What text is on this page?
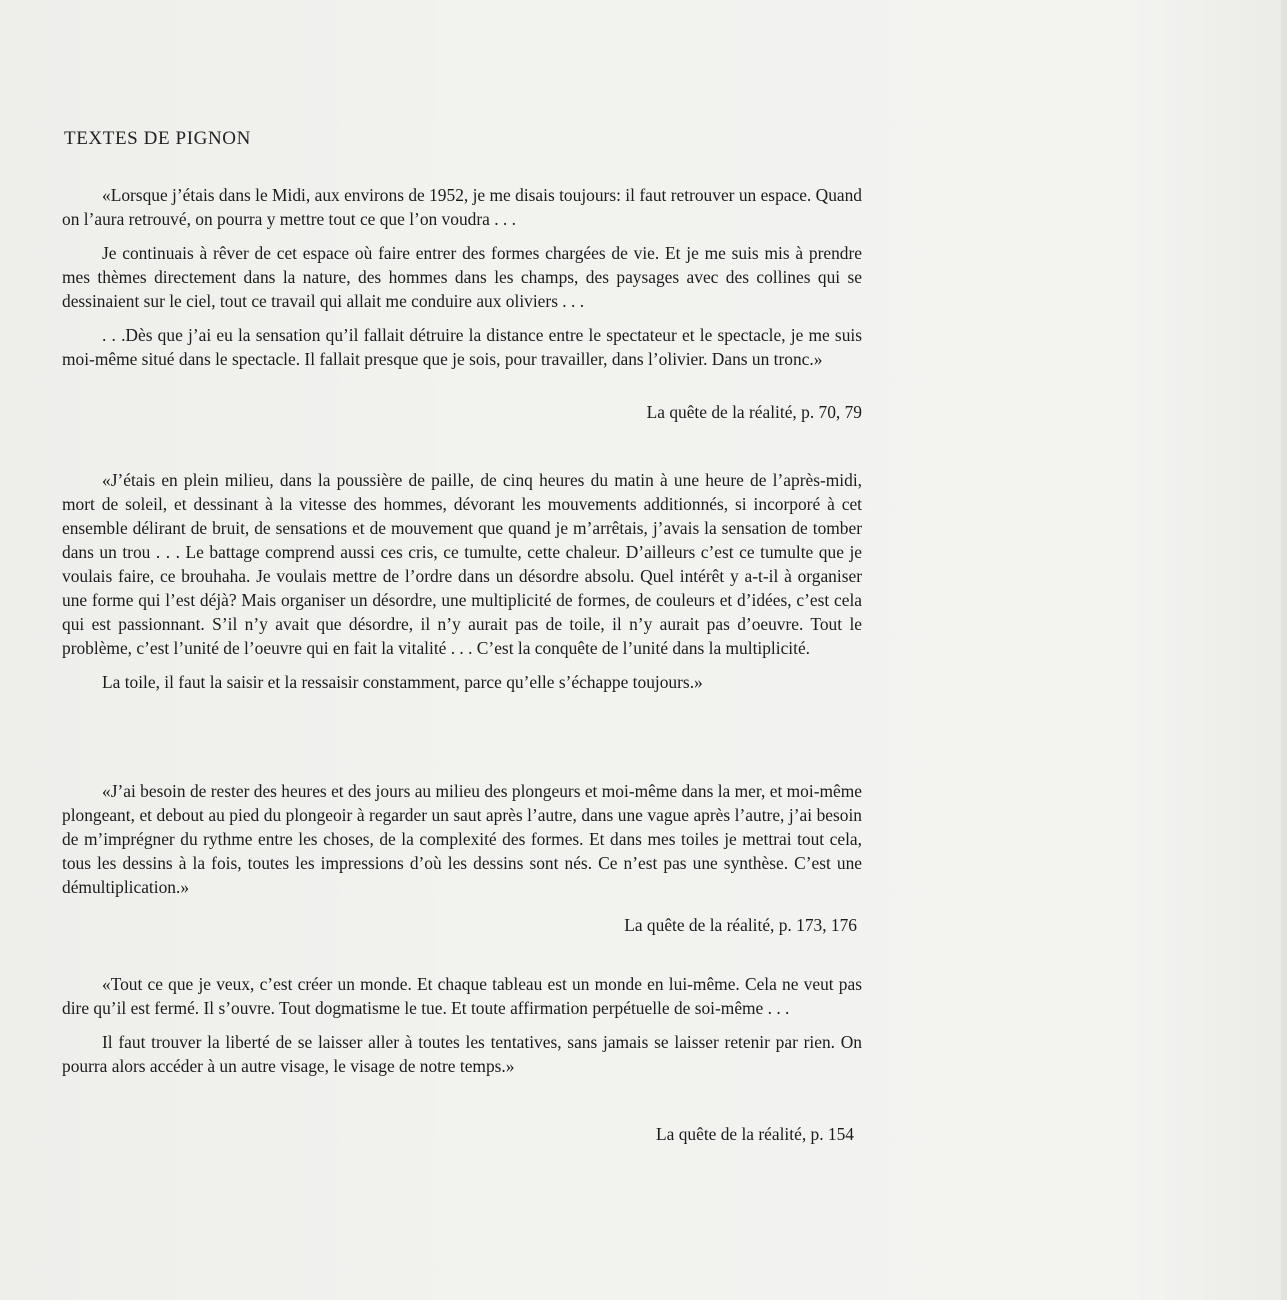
TEXTES DE PIGNON

«Lorsque j’étais dans le Midi, aux environs de 1952, je me disais toujours: il faut retrouver un espace. Quand on l’aura retrouvé, on pourra y mettre tout ce que l’on voudra . . .

Je continuais à rêver de cet espace où faire entrer des formes chargées de vie. Et je me suis mis à prendre mes thèmes directement dans la nature, des hommes dans les champs, des paysages avec des collines qui se dessinaient sur le ciel, tout ce travail qui allait me conduire aux oliviers . . .

. . .Dès que j’ai eu la sensation qu’il fallait détruire la distance entre le spectateur et le spectacle, je me suis moi-même situé dans le spectacle. Il fallait presque que je sois, pour travailler, dans l’olivier. Dans un tronc.»

La quête de la réalité, p. 70, 79

«J’étais en plein milieu, dans la poussière de paille, de cinq heures du matin à une heure de l’après-midi, mort de soleil, et dessinant à la vitesse des hommes, dévorant les mouvements additionnés, si incorporé à cet ensemble délirant de bruit, de sensations et de mouvement que quand je m’arrêtais, j’avais la sensation de tomber dans un trou . . . Le battage comprend aussi ces cris, ce tumulte, cette chaleur. D’ailleurs c’est ce tumulte que je voulais faire, ce brouhaha. Je voulais mettre de l’ordre dans un désordre absolu. Quel intérêt y a-t-il à organiser une forme qui l’est déjà? Mais organiser un désordre, une multiplicité de formes, de couleurs et d’idées, c’est cela qui est passionnant. S’il n’y avait que désordre, il n’y aurait pas de toile, il n’y aurait pas d’oeuvre. Tout le problème, c’est l’unité de l’oeuvre qui en fait la vitalité . . . C’est la conquête de l’unité dans la multiplicité.

La toile, il faut la saisir et la ressaisir constamment, parce qu’elle s’échappe toujours.»

«J’ai besoin de rester des heures et des jours au milieu des plongeurs et moi-même dans la mer, et moi-même plongeant, et debout au pied du plongeoir à regarder un saut après l’autre, dans une vague après l’autre, j’ai besoin de m’imprégner du rythme entre les choses, de la complexité des formes. Et dans mes toiles je mettrai tout cela, tous les dessins à la fois, toutes les impressions d’où les dessins sont nés. Ce n’est pas une synthèse. C’est une démultiplication.»

La quête de la réalité, p. 173, 176

«Tout ce que je veux, c’est créer un monde. Et chaque tableau est un monde en lui-même. Cela ne veut pas dire qu’il est fermé. Il s’ouvre. Tout dogmatisme le tue. Et toute affirmation perpétuelle de soi-même . . .

Il faut trouver la liberté de se laisser aller à toutes les tentatives, sans jamais se laisser retenir par rien. On pourra alors accéder à un autre visage, le visage de notre temps.»

La quête de la réalité, p. 154
